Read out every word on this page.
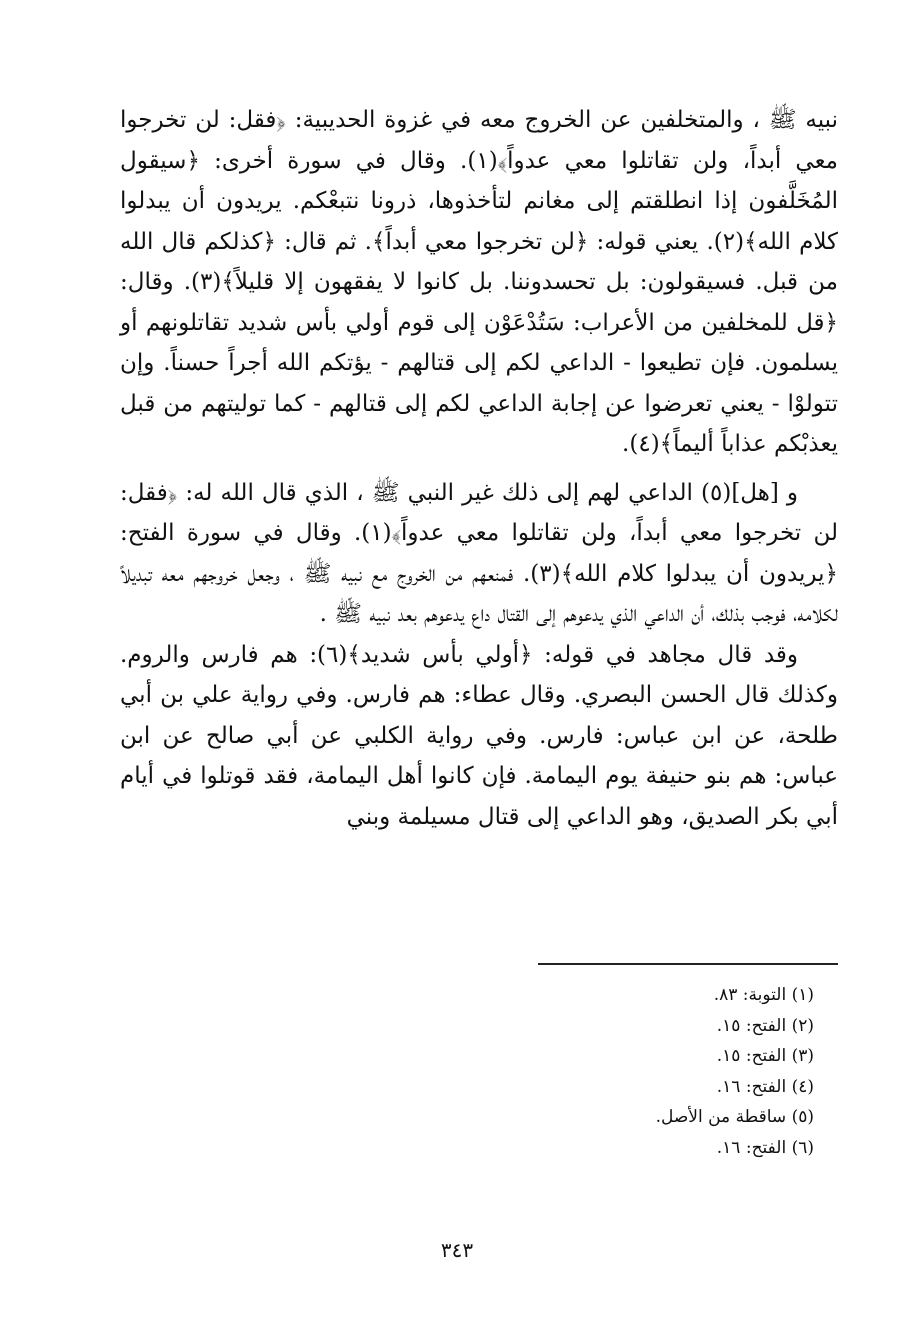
نبيه ﷺ ، والمتخلفين عن الخروج معه في غزوة الحديبية: ﴿فقل: لن تخرجوا معي أبداً، ولن تقاتلوا معي عدواً﴾(١). وقال في سورة أخرى: ﴿سيقول المُخَلَّفون إذا انطلقتم إلى مغانم لتأخذوها، ذرونا نتبعْكم. يريدون أن يبدلوا كلام الله﴾(٢). يعني قوله: ﴿لن تخرجوا معي أبداً﴾. ثم قال: ﴿كذلكم قال الله من قبل. فسيقولون: بل تحسدوننا. بل كانوا لا يفقهون إلا قليلاً﴾(٣). وقال: ﴿قل للمخلفين من الأعراب: سَتُدْعَوْن إلى قوم أولي بأس شديد تقاتلونهم أو يسلمون. فإن تطيعوا - الداعي لكم إلى قتالهم - يؤتكم الله أجراً حسناً. وإن تتولوْا - يعني تعرضوا عن إجابة الداعي لكم إلى قتالهم - كما توليتهم من قبل يعذبْكم عذاباً أليماً﴾(٤).

و [هل](٥) الداعي لهم إلى ذلك غير النبي ﷺ ، الذي قال الله له: ﴿فقل: لن تخرجوا معي أبداً، ولن تقاتلوا معي عدواً﴾(١). وقال في سورة الفتح: ﴿يريدون أن يبدلوا كلام الله﴾(٣). فمنعهم من الخروج مع نبيه ﷺ ، وجعل خروجهم معه تبديلاً لكلامه، فوجب بذلك، أن الداعي الذي يدعوهم إلى القتال داع يدعوهم بعد نبيه ﷺ .

وقد قال مجاهد في قوله: ﴿أولي بأس شديد﴾(٦): هم فارس والروم. وكذلك قال الحسن البصري. وقال عطاء: هم فارس. وفي رواية علي بن أبي طلحة، عن ابن عباس: فارس. وفي رواية الكلبي عن أبي صالح عن ابن عباس: هم بنو حنيفة يوم اليمامة. فإن كانوا أهل اليمامة، فقد قوتلوا في أيام أبي بكر الصديق، وهو الداعي إلى قتال مسيلمة وبني

(١) التوبة: ٨٣.

(٢) الفتح: ١٥.

(٣) الفتح: ١٥.

(٤) الفتح: ١٦.

(٥) ساقطة من الأصل.

(٦) الفتح: ١٦.

٣٤٣
